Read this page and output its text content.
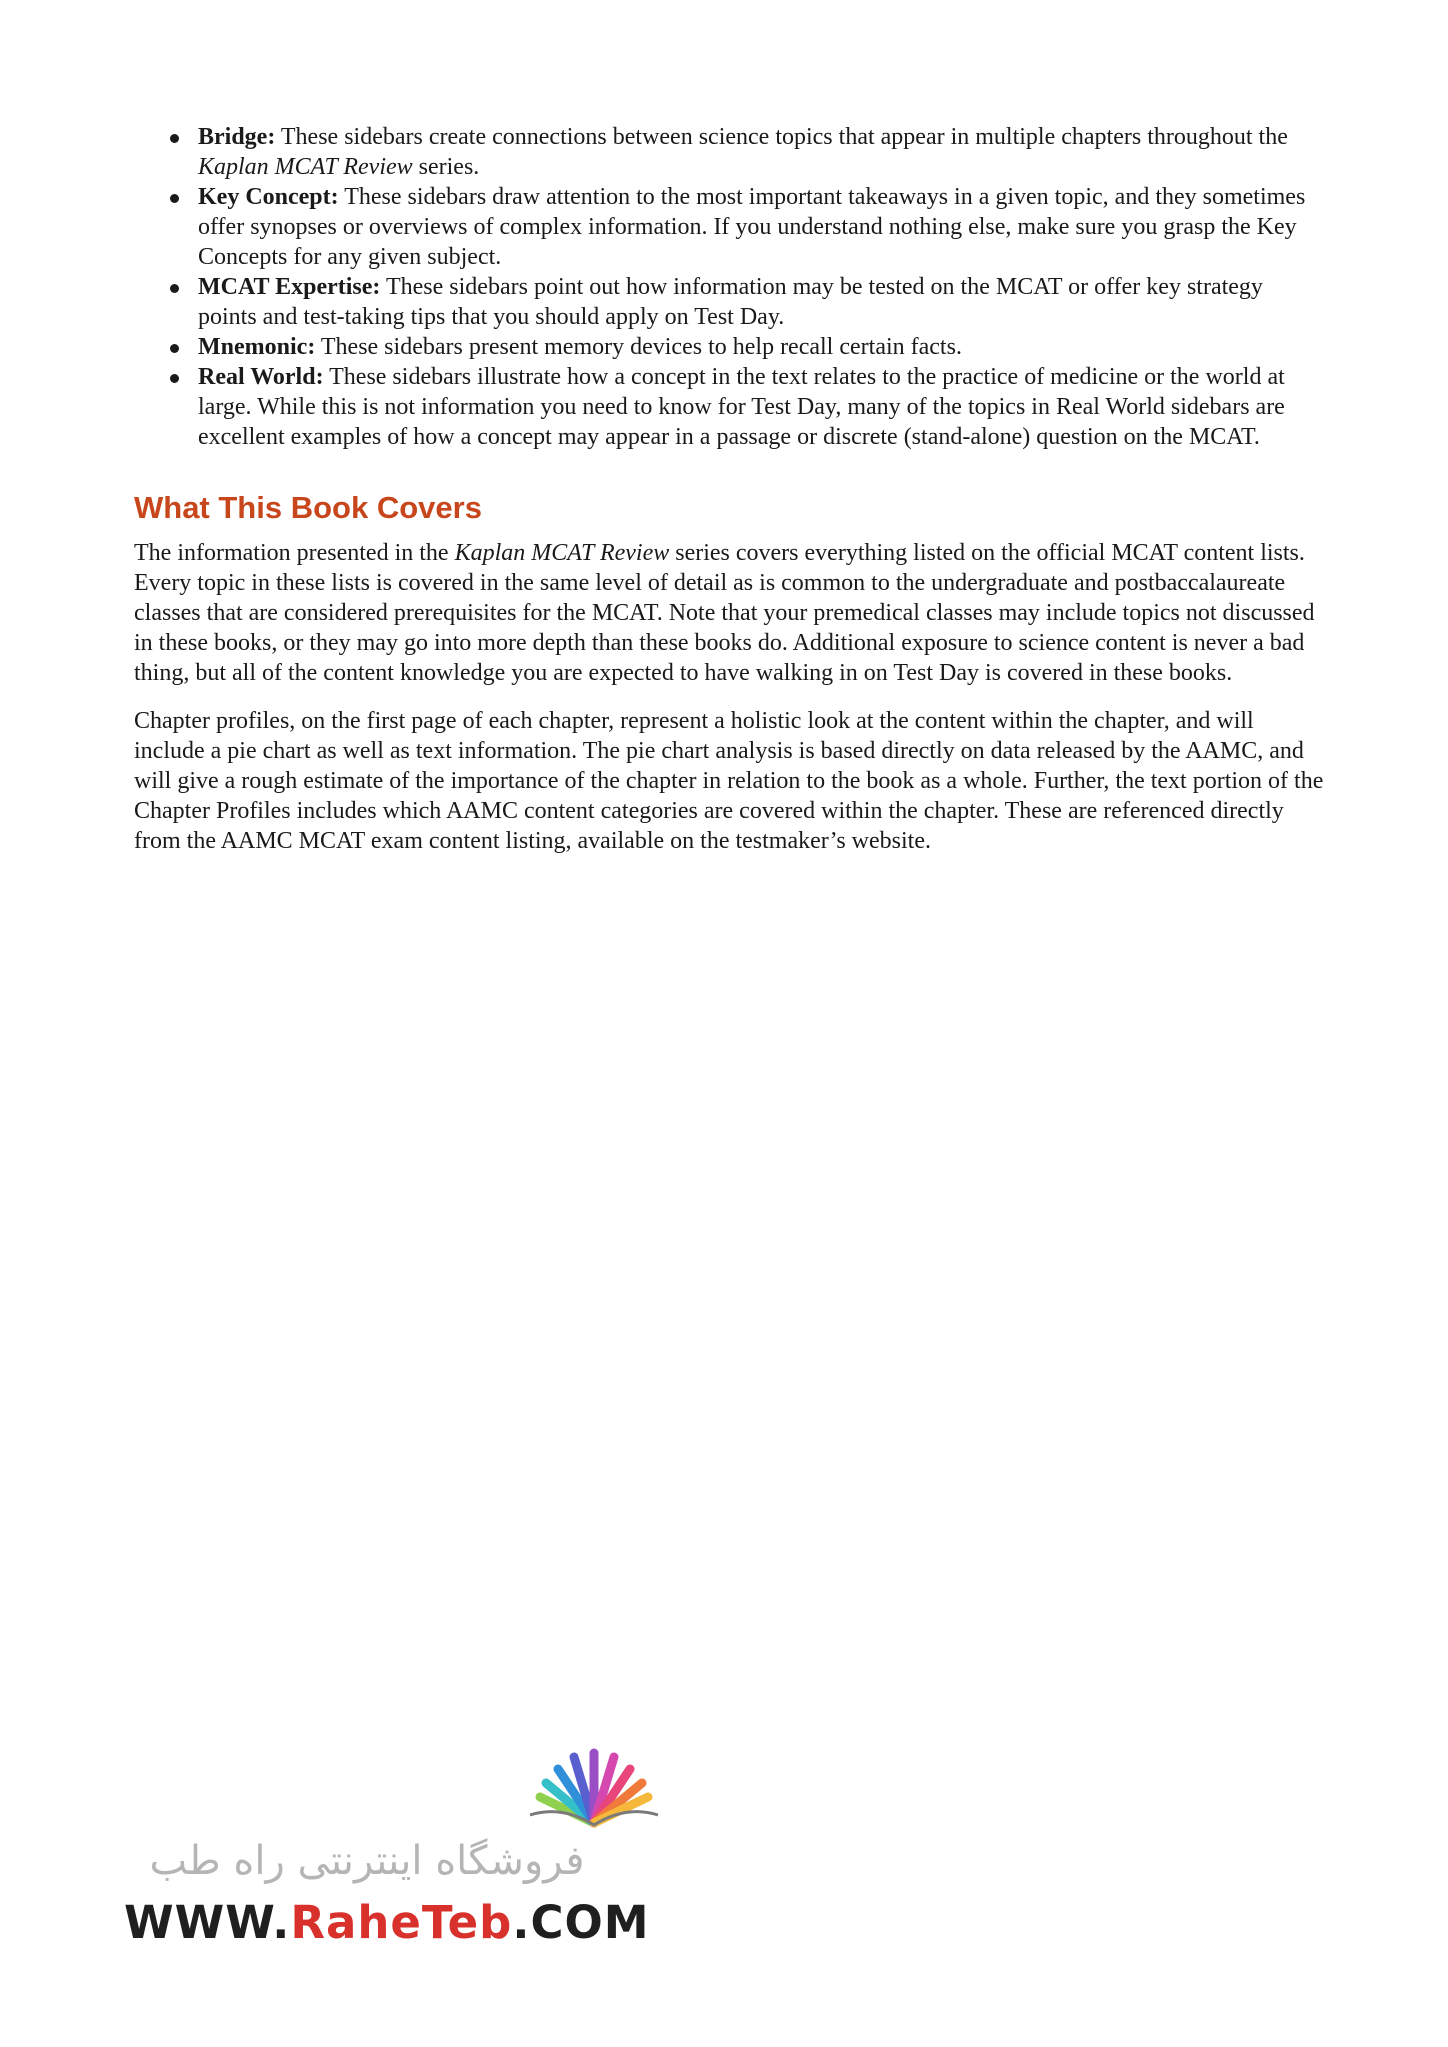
Bridge: These sidebars create connections between science topics that appear in multiple chapters throughout the Kaplan MCAT Review series.
Key Concept: These sidebars draw attention to the most important takeaways in a given topic, and they sometimes offer synopses or overviews of complex information. If you understand nothing else, make sure you grasp the Key Concepts for any given subject.
MCAT Expertise: These sidebars point out how information may be tested on the MCAT or offer key strategy points and test-taking tips that you should apply on Test Day.
Mnemonic: These sidebars present memory devices to help recall certain facts.
Real World: These sidebars illustrate how a concept in the text relates to the practice of medicine or the world at large. While this is not information you need to know for Test Day, many of the topics in Real World sidebars are excellent examples of how a concept may appear in a passage or discrete (stand-alone) question on the MCAT.
What This Book Covers

The information presented in the Kaplan MCAT Review series covers everything listed on the official MCAT content lists. Every topic in these lists is covered in the same level of detail as is common to the undergraduate and postbaccalaureate classes that are considered prerequisites for the MCAT. Note that your premedical classes may include topics not discussed in these books, or they may go into more depth than these books do. Additional exposure to science content is never a bad thing, but all of the content knowledge you are expected to have walking in on Test Day is covered in these books.

Chapter profiles, on the first page of each chapter, represent a holistic look at the content within the chapter, and will include a pie chart as well as text information. The pie chart analysis is based directly on data released by the AAMC, and will give a rough estimate of the importance of the chapter in relation to the book as a whole. Further, the text portion of the Chapter Profiles includes which AAMC content categories are covered within the chapter. These are referenced directly from the AAMC MCAT exam content listing, available on the testmaker’s website.

فروشگاه اینترنتی راه طب
WWW.RaheTeb.COM
